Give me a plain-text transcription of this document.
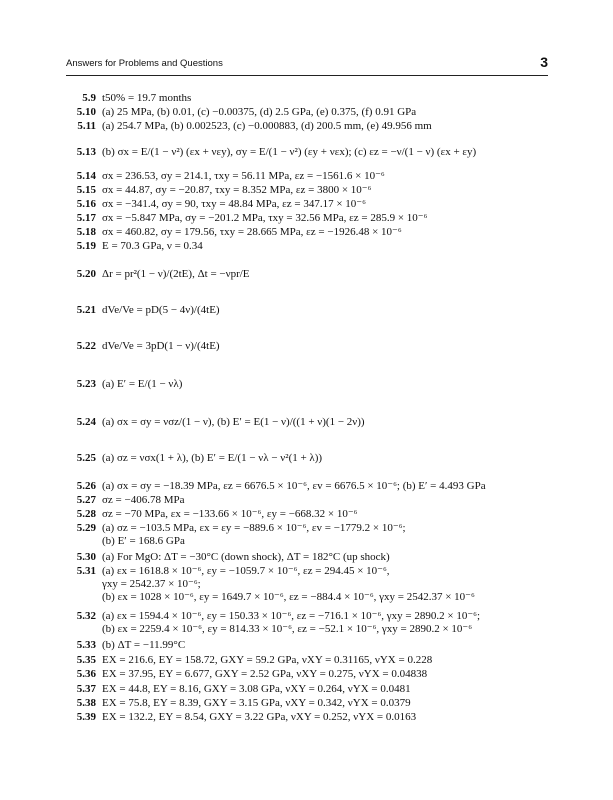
Answers for Problems and Questions	3
5.9 t50% = 19.7 months
5.10 (a) 25 MPa, (b) 0.01, (c) −0.00375, (d) 2.5 GPa, (e) 0.375, (f) 0.91 GPa
5.11 (a) 254.7 MPa, (b) 0.002523, (c) −0.000883, (d) 200.5 mm, (e) 49.956 mm
5.13 (b) σx = E/(1 − ν²) (εx + νεy), σy = E/(1 − ν²) (εy + νεx); (c) εz = −ν/(1 − ν) (εx + εy)
5.14 σx = 236.53, σy = 214.1, τxy = 56.11 MPa, εz = −1561.6 × 10⁻⁶
5.15 σx = 44.87, σy = −20.87, τxy = 8.352 MPa, εz = 3800 × 10⁻⁶
5.16 σx = −341.4, σy = 90, τxy = 48.84 MPa, εz = 347.17 × 10⁻⁶
5.17 σx = −5.847 MPa, σy = −201.2 MPa, τxy = 32.56 MPa, εz = 285.9 × 10⁻⁶
5.18 σx = 460.82, σy = 179.56, τxy = 28.665 MPa, εz = −1926.48 × 10⁻⁶
5.19 E = 70.3 GPa, ν = 0.34
5.20 Δr = pr²(1 − ν)/(2tE), Δt = −νpr/E
5.21 dVe/Ve = pD(5 − 4ν)/(4tE)
5.22 dVe/Ve = 3pD(1 − ν)/(4tE)
5.23 (a) E′ = E/(1 − νλ)
5.24 (a) σx = σy = νσz/(1 − ν), (b) E′ = E(1 − ν)/((1 + ν)(1 − 2ν))
5.25 (a) σz = νσx(1 + λ), (b) E′ = E/(1 − νλ − ν²(1 + λ))
5.26 (a) σx = σy = −18.39 MPa, εz = 6676.5 × 10⁻⁶, εv = 6676.5 × 10⁻⁶; (b) E′ = 4.493 GPa
5.27 σz = −406.78 MPa
5.28 σz = −70 MPa, εx = −133.66 × 10⁻⁶, εy = −668.32 × 10⁻⁶
5.29 (a) σz = −103.5 MPa, εx = εy = −889.6 × 10⁻⁶, εv = −1779.2 × 10⁻⁶;
(b) E′ = 168.6 GPa
5.30 (a) For MgO: ΔT = −30°C (down shock), ΔT = 182°C (up shock)
5.31 (a) εx = 1618.8 × 10⁻⁶, εy = −1059.7 × 10⁻⁶, εz = 294.45 × 10⁻⁶,
γxy = 2542.37 × 10⁻⁶;
(b) εx = 1028 × 10⁻⁶, εy = 1649.7 × 10⁻⁶, εz = −884.4 × 10⁻⁶, γxy = 2542.37 × 10⁻⁶
5.32 (a) εx = 1594.4 × 10⁻⁶, εy = 150.33 × 10⁻⁶, εz = −716.1 × 10⁻⁶, γxy = 2890.2 × 10⁻⁶;
(b) εx = 2259.4 × 10⁻⁶, εy = 814.33 × 10⁻⁶, εz = −52.1 × 10⁻⁶, γxy = 2890.2 × 10⁻⁶
5.33 (b) ΔT = −11.99°C
5.35 EX = 216.6, EY = 158.72, GXY = 59.2 GPa, νXY = 0.31165, νYX = 0.228
5.36 EX = 37.95, EY = 6.677, GXY = 2.52 GPa, νXY = 0.275, νYX = 0.04838
5.37 EX = 44.8, EY = 8.16, GXY = 3.08 GPa, νXY = 0.264, νYX = 0.0481
5.38 EX = 75.8, EY = 8.39, GXY = 3.15 GPa, νXY = 0.342, νYX = 0.0379
5.39 EX = 132.2, EY = 8.54, GXY = 3.22 GPa, νXY = 0.252, νYX = 0.0163
